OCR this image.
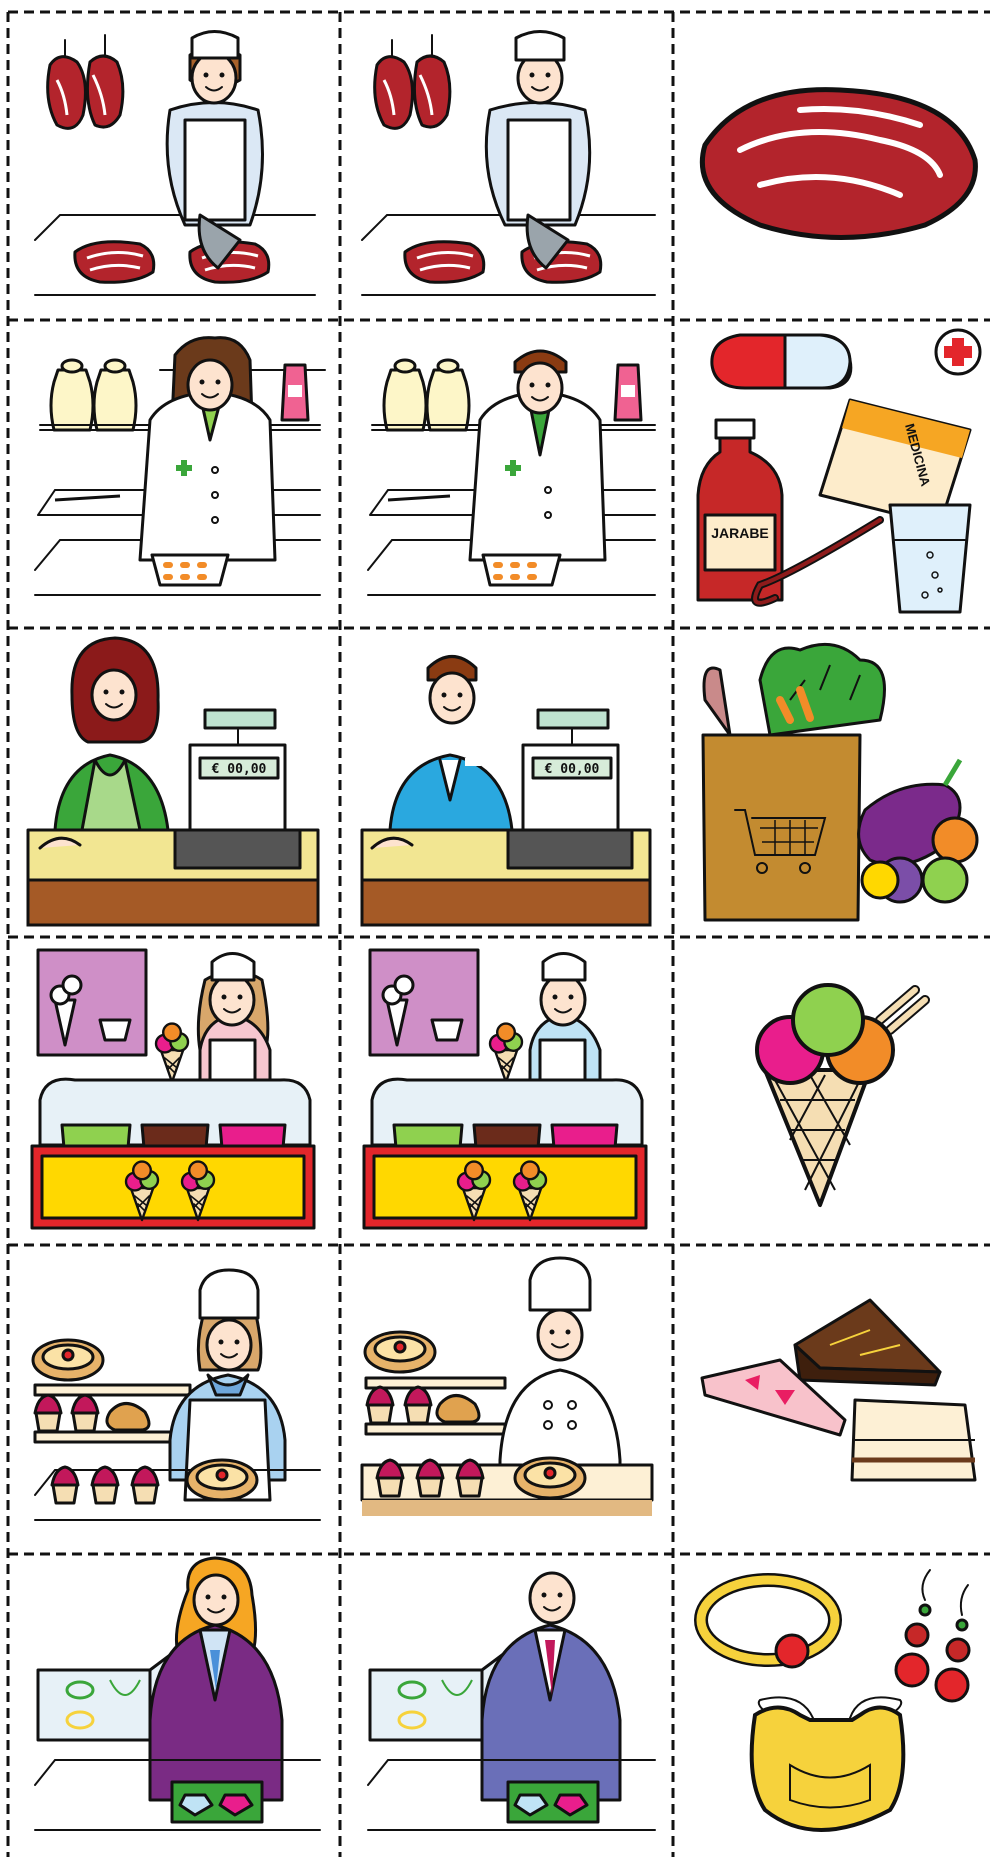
MEDICINA
JARABE
€ 00,00	€ 00,00
